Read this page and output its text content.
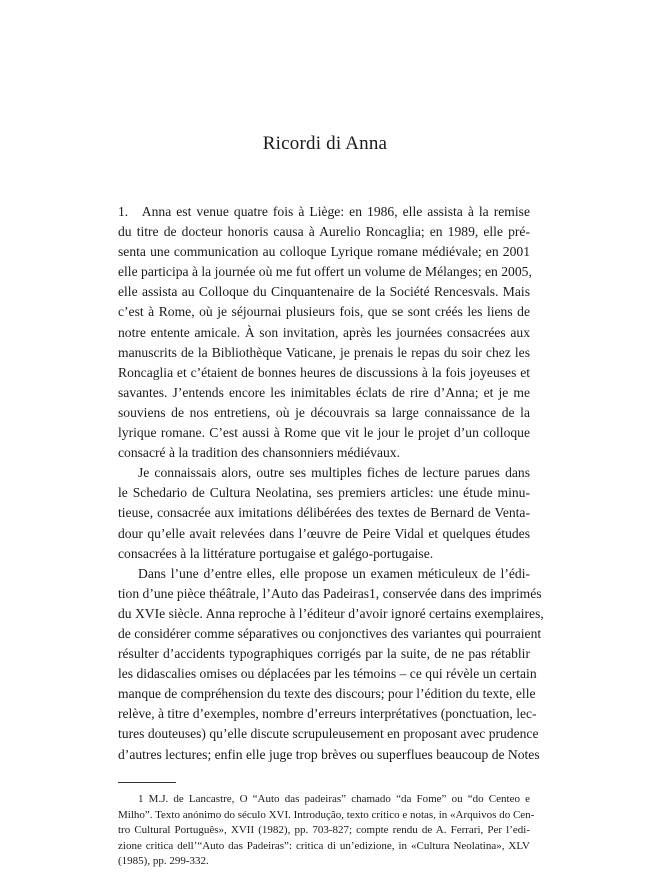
Ricordi di Anna
1. Anna est venue quatre fois à Liège: en 1986, elle assista à la remise
du titre de docteur honoris causa à Aurelio Roncaglia; en 1989, elle pré-
senta une communication au colloque Lyrique romane médiévale; en 2001
elle participa à la journée où me fut offert un volume de Mélanges; en 2005,
elle assista au Colloque du Cinquantenaire de la Société Rencesvals. Mais
c’est à Rome, où je séjournai plusieurs fois, que se sont créés les liens de
notre entente amicale. À son invitation, après les journées consacrées aux
manuscrits de la Bibliothèque Vaticane, je prenais le repas du soir chez les
Roncaglia et c’étaient de bonnes heures de discussions à la fois joyeuses et
savantes. J’entends encore les inimitables éclats de rire d’Anna; et je me
souviens de nos entretiens, où je découvrais sa large connaissance de la
lyrique romane. C’est aussi à Rome que vit le jour le projet d’un colloque
consacré à la tradition des chansonniers médiévaux.
Je connaissais alors, outre ses multiples fiches de lecture parues dans
le Schedario de Cultura Neolatina, ses premiers articles: une étude minu-
tieuse, consacrée aux imitations délibérées des textes de Bernard de Venta-
dour qu’elle avait relevées dans l’œuvre de Peire Vidal et quelques études
consacrées à la littérature portugaise et galégo-portugaise.
Dans l’une d’entre elles, elle propose un examen méticuleux de l’édi-
tion d’une pièce théâtrale, l’Auto das Padeiras1, conservée dans des imprimés
du XVIe siècle. Anna reproche à l’éditeur d’avoir ignoré certains exemplaires,
de considérer comme séparatives ou conjonctives des variantes qui pourraient
résulter d’accidents typographiques corrigés par la suite, de ne pas rétablir
les didascalies omises ou déplacées par les témoins – ce qui révèle un certain
manque de compréhension du texte des discours; pour l’édition du texte, elle
relève, à titre d’exemples, nombre d’erreurs interprétatives (ponctuation, lec-
tures douteuses) qu’elle discute scrupuleusement en proposant avec prudence
d’autres lectures; enfin elle juge trop brèves ou superflues beaucoup de Notes
1 M.J. de Lancastre, O “Auto das padeiras” chamado “da Fome” ou “do Centeo e
Milho”. Texto anónimo do século XVI. Introdução, texto crítico e notas, in «Arquivos do Cen-
tro Cultural Português», XVII (1982), pp. 703-827; compte rendu de A. Ferrari, Per l’edi-
zione critica dell’“Auto das Padeiras”: critica di un’edizione, in «Cultura Neolatina», XLV
(1985), pp. 299-332.
